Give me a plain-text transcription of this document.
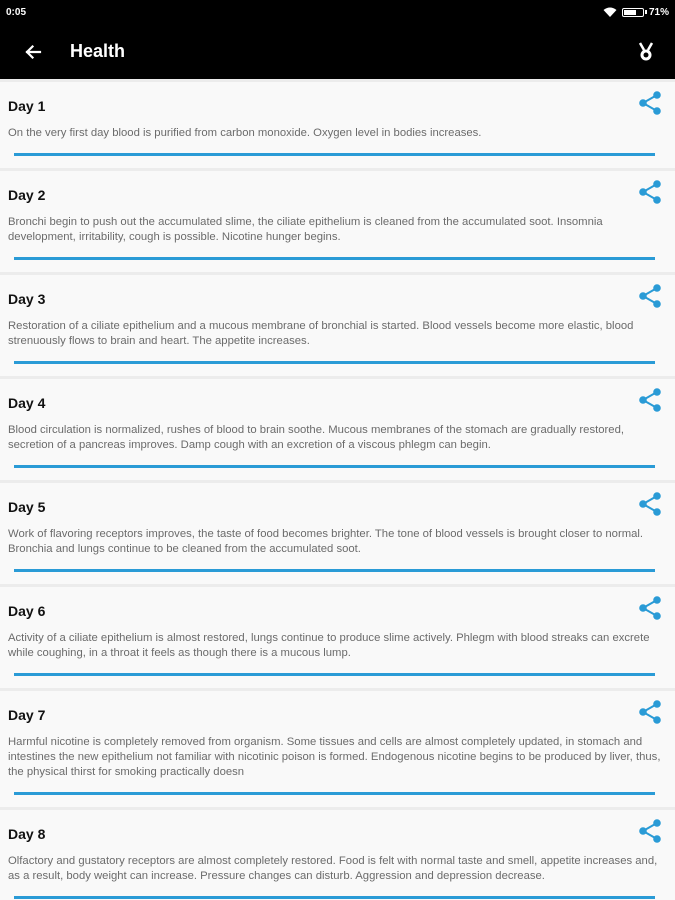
0:05	71%
Health
Day 1
On the very first day blood is purified from carbon monoxide. Oxygen level in bodies increases.
Day 2
Bronchi begin to push out the accumulated slime, the ciliate epithelium is cleaned from the accumulated soot. Insomnia development, irritability, cough is possible. Nicotine hunger begins.
Day 3
Restoration of a ciliate epithelium and a mucous membrane of bronchial is started. Blood vessels become more elastic, blood strenuously flows to brain and heart. The appetite increases.
Day 4
Blood circulation is normalized, rushes of blood to brain soothe. Mucous membranes of the stomach are gradually restored, secretion of a pancreas improves. Damp cough with an excretion of a viscous phlegm can begin.
Day 5
Work of flavoring receptors improves, the taste of food becomes brighter. The tone of blood vessels is brought closer to normal. Bronchia and lungs continue to be cleaned from the accumulated soot.
Day 6
Activity of a ciliate epithelium is almost restored, lungs continue to produce slime actively. Phlegm with blood streaks can excrete while coughing, in a throat it feels as though there is a mucous lump.
Day 7
Harmful nicotine is completely removed from organism. Some tissues and cells are almost completely updated, in stomach and intestines the new epithelium not familiar with nicotinic poison is formed. Endogenous nicotine begins to be produced by liver, thus, the physical thirst for smoking practically doesn
Day 8
Olfactory and gustatory receptors are almost completely restored. Food is felt with normal taste and smell, appetite increases and, as a result, body weight can increase. Pressure changes can disturb. Aggression and depression decrease.
